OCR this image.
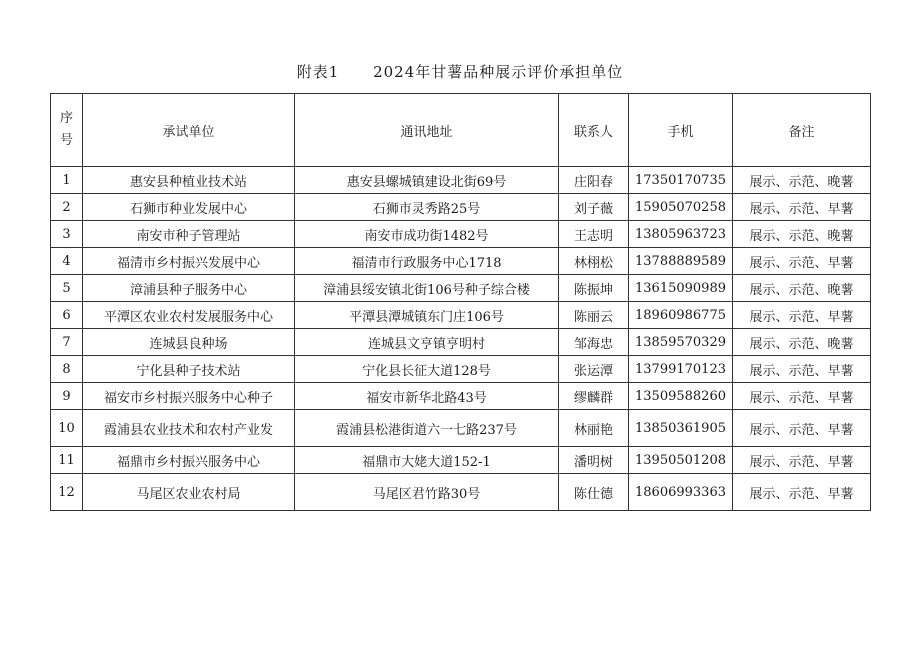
附表1 2024年甘薯品种展示评价承担单位
序
号	承试单位	通讯地址	联系人	手机	备注
1	惠安县种植业技术站	惠安县螺城镇建设北街69号	庄阳春	17350170735	展示、示范、晚薯
2	石狮市种业发展中心	石狮市灵秀路25号	刘子薇	15905070258	展示、示范、早薯
3	南安市种子管理站	南安市成功街1482号	王志明	13805963723	展示、示范、晚薯
4	福清市乡村振兴发展中心	福清市行政服务中心1718	林栩松	13788889589	展示、示范、早薯
5	漳浦县种子服务中心	漳浦县绥安镇北街106号种子综合楼	陈振坤	13615090989	展示、示范、晚薯
6	平潭区农业农村发展服务中心	平潭县潭城镇东门庄106号	陈丽云	18960986775	展示、示范、早薯
7	连城县良种场	连城县文亨镇亨明村	邹海忠	13859570329	展示、示范、晚薯
8	宁化县种子技术站	宁化县长征大道128号	张运潭	13799170123	展示、示范、早薯
9	福安市乡村振兴服务中心种子	福安市新华北路43号	缪麟群	13509588260	展示、示范、早薯
10	霞浦县农业技术和农村产业发	霞浦县松港街道六一七路237号	林丽艳	13850361905	展示、示范、早薯
11	福鼎市乡村振兴服务中心	福鼎市大姥大道152-1	潘明树	13950501208	展示、示范、早薯
12	马尾区农业农村局	马尾区君竹路30号	陈仕德	18606993363	展示、示范、早薯
